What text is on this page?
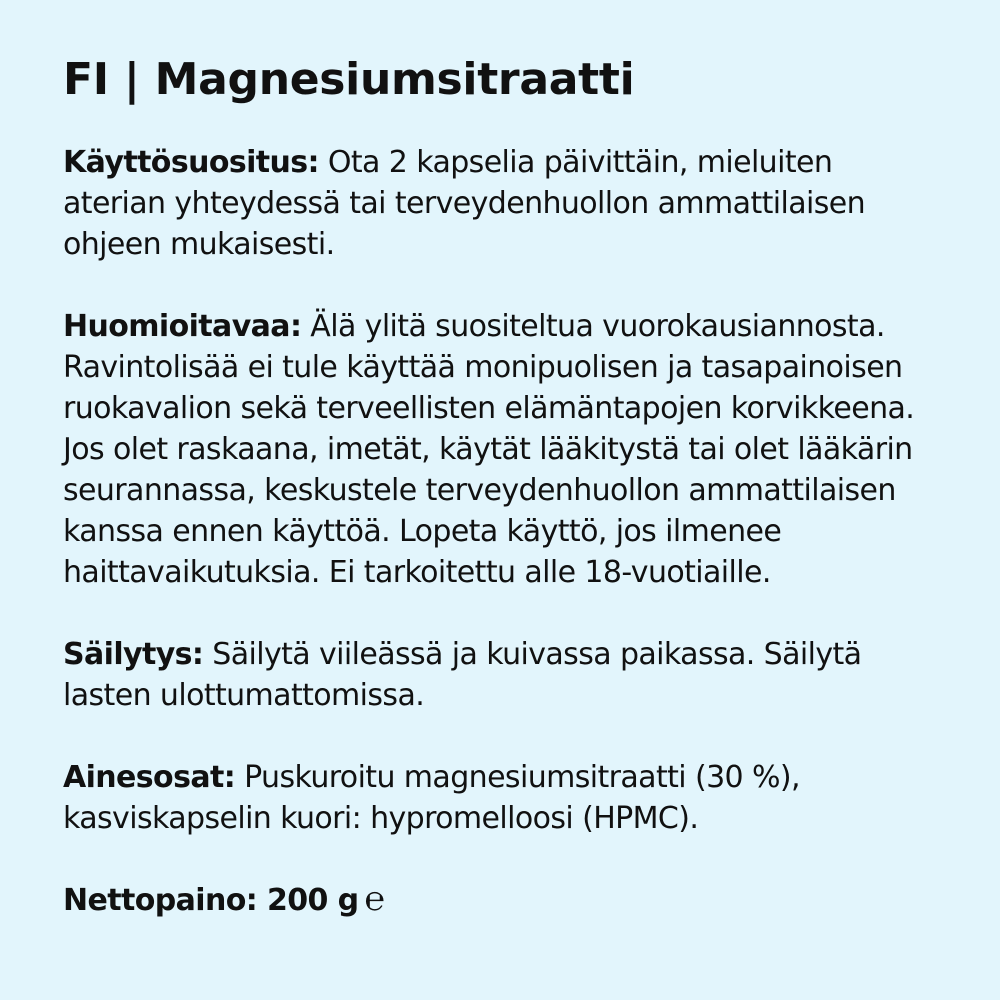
FI | Magnesiumsitraatti

Käyttösuositus: Ota 2 kapselia päivittäin, mieluiten aterian yhteydessä tai terveydenhuollon ammattilaisen ohjeen mukaisesti.

Huomioitavaa: Älä ylitä suositeltua vuorokausiannosta. Ravintolisää ei tule käyttää monipuolisen ja tasapainoisen ruokavalion sekä terveellisten elämäntapojen korvikkeena. Jos olet raskaana, imetät, käytät lääkitystä tai olet lääkärin seurannassa, keskustele terveydenhuollon ammattilaisen kanssa ennen käyttöä. Lopeta käyttö, jos ilmenee haittavaikutuksia. Ei tarkoitettu alle 18-vuotiaille.

Säilytys: Säilytä viileässä ja kuivassa paikassa. Säilytä lasten ulottumattomissa.

Ainesosat: Puskuroitu magnesiumsitraatti (30 %), kasviskapselin kuori: hypromelloosi (HPMC).

Nettopaino: 200 g ℮
